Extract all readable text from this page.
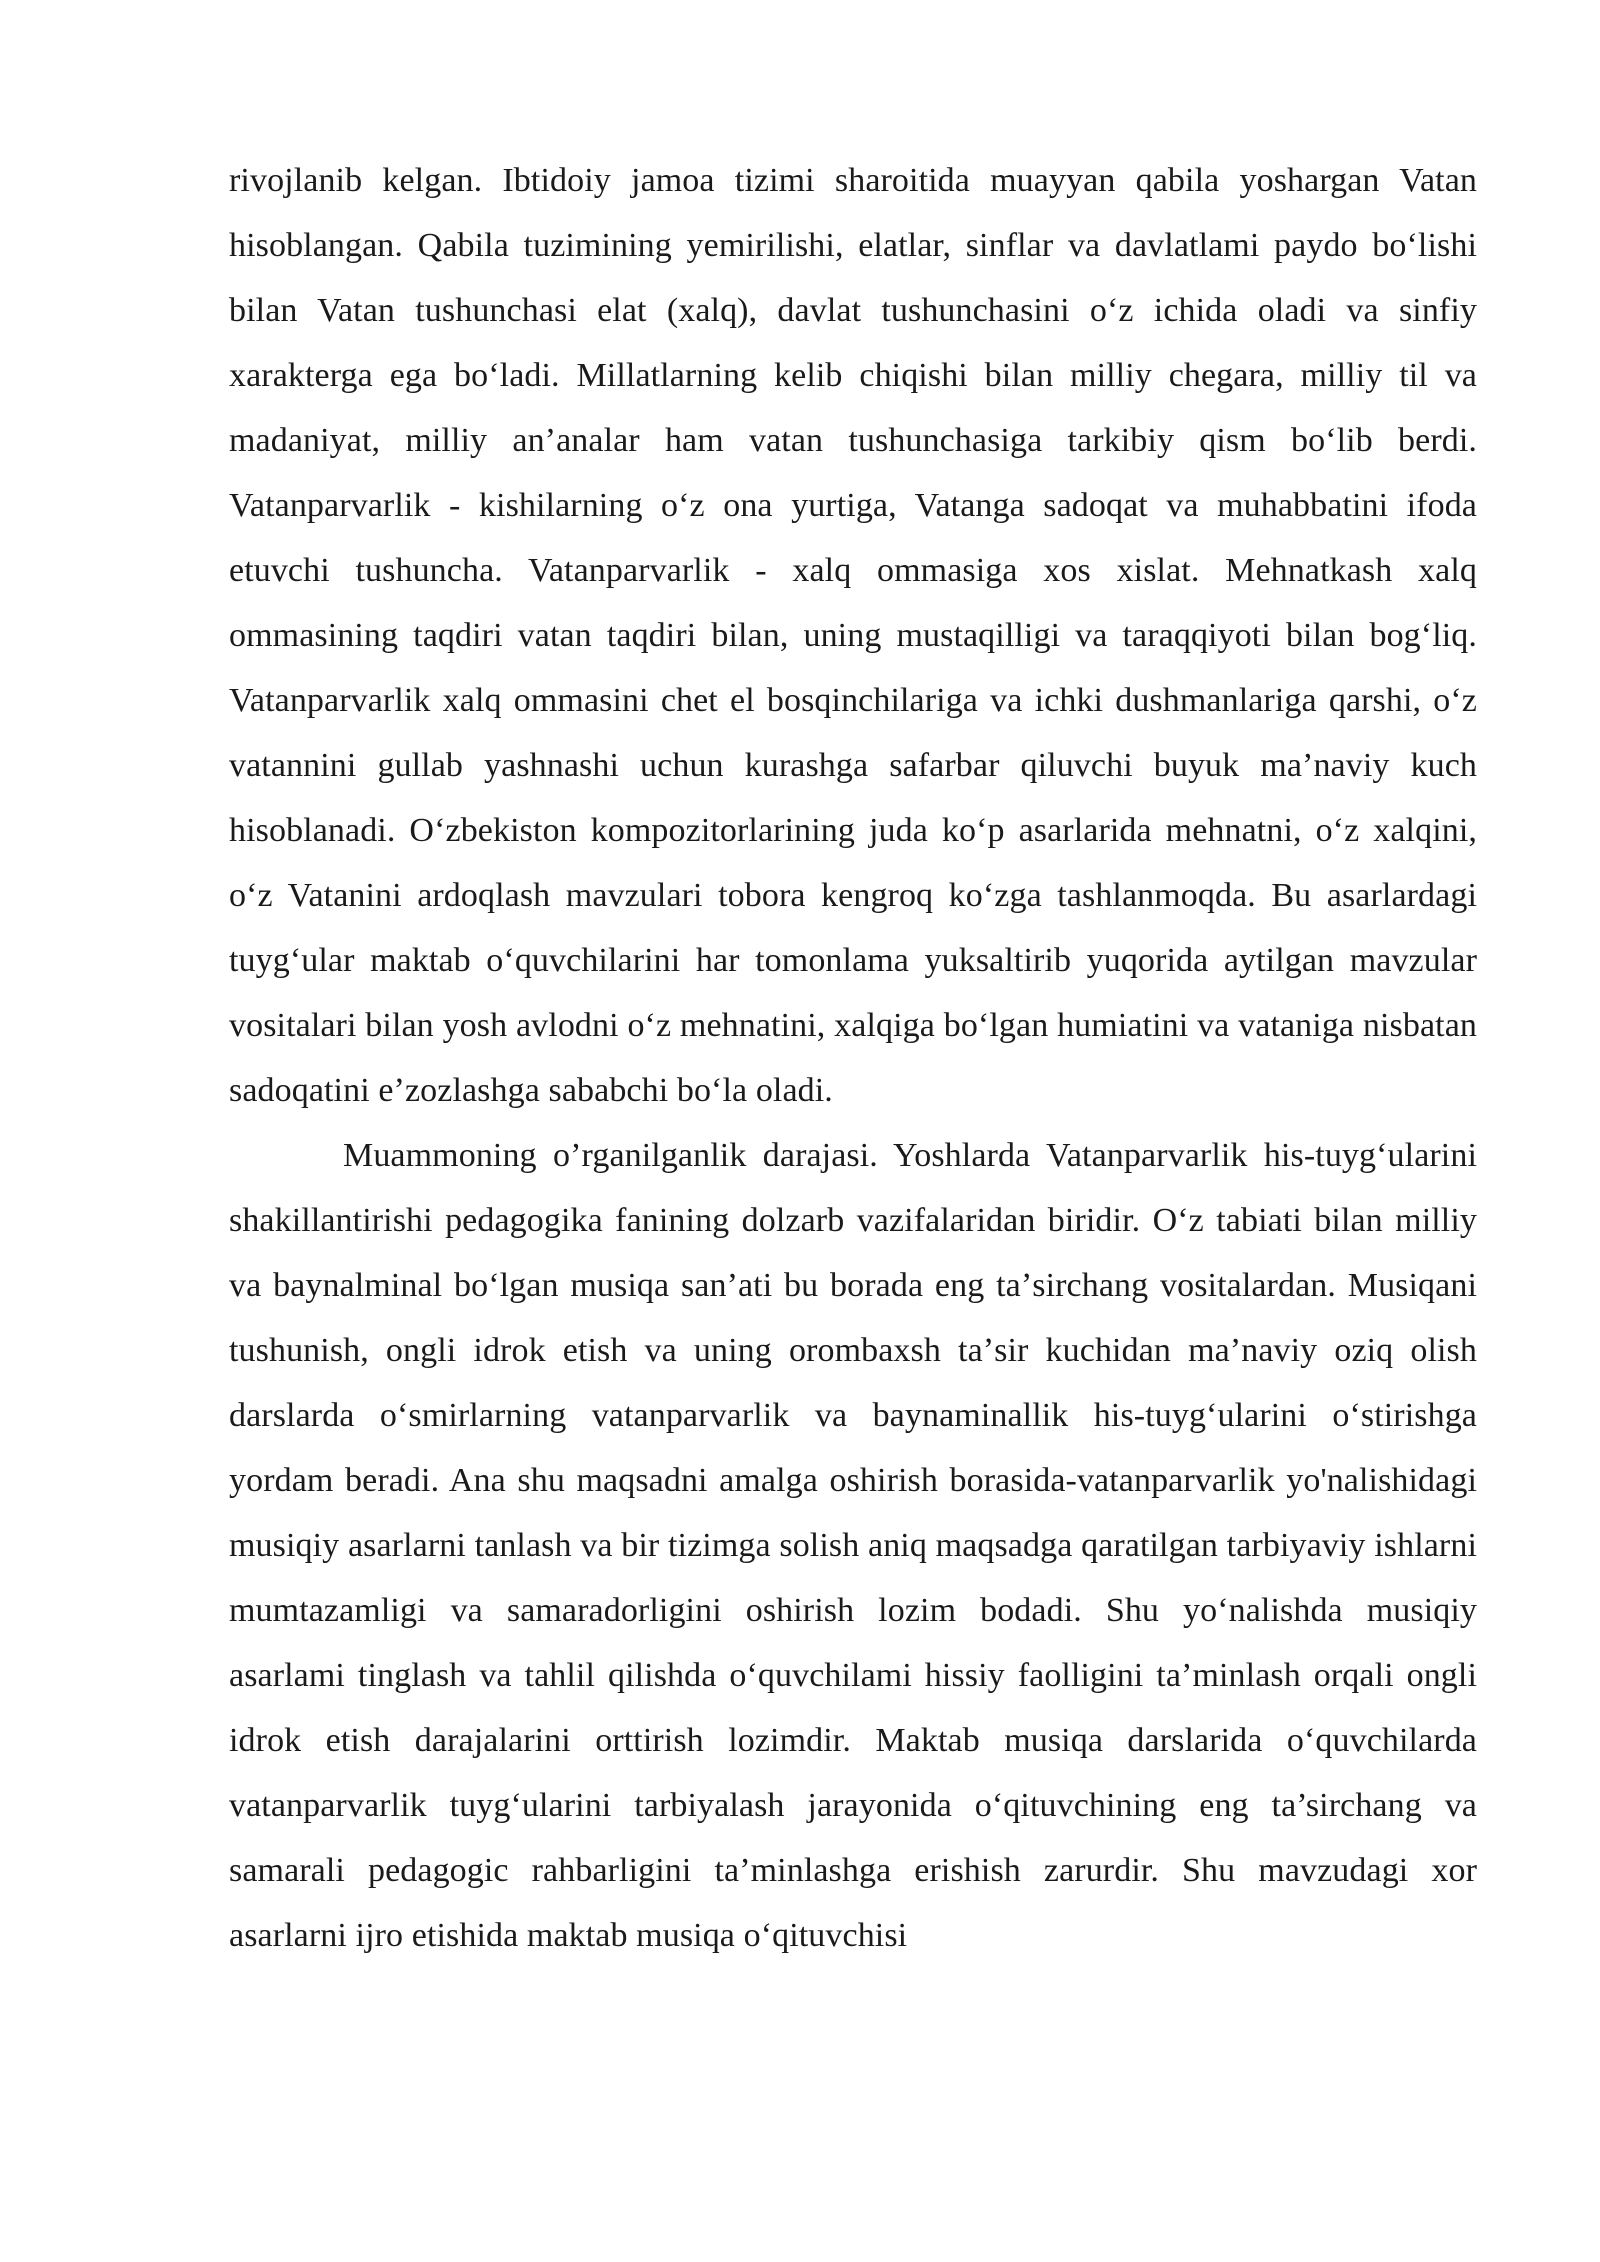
rivojlanib kelgan. Ibtidoiy jamoa tizimi sharoitida muayyan qabila yoshargan Vatan hisoblangan. Qabila tuzimining yemirilishi, elatlar, sinflar va davlatlami paydo bo‘lishi bilan Vatan tushunchasi elat (xalq), davlat tushunchasini o‘z ichida oladi va sinfiy xarakterga ega bo‘ladi. Millatlarning kelib chiqishi bilan milliy chegara, milliy til va madaniyat, milliy an’analar ham vatan tushunchasiga tarkibiy qism bo‘lib berdi. Vatanparvarlik - kishilarning o‘z ona yurtiga, Vatanga sadoqat va muhabbatini ifoda etuvchi tushuncha. Vatanparvarlik - xalq ommasiga xos xislat. Mehnatkash xalq ommasining taqdiri vatan taqdiri bilan, uning mustaqilligi va taraqqiyoti bilan bog‘liq. Vatanparvarlik xalq ommasini chet el bosqinchilariga va ichki dushmanlariga qarshi, o‘z vatannini gullab yashnashi uchun kurashga safarbar qiluvchi buyuk ma’naviy kuch hisoblanadi. O‘zbekiston kompozitorlarining juda ko‘p asarlarida mehnatni, o‘z xalqini, o‘z Vatanini ardoqlash mavzulari tobora kengroq ko‘zga tashlanmoqda. Bu asarlardagi tuyg‘ular maktab o‘quvchilarini har tomonlama yuksaltirib yuqorida aytilgan mavzular vositalari bilan yosh avlodni o‘z mehnatini, xalqiga bo‘lgan humiatini va vataniga nisbatan sadoqatini eʼzozlashga sababchi bo‘la oladi.

Muammoning o’rganilganlik darajasi. Yoshlarda Vatanparvarlik his-tuyg‘ularini shakillantirishi pedagogika fanining dolzarb vazifalaridan biridir. O‘z tabiati bilan milliy va baynalminal bo‘lgan musiqa san’ati bu borada eng taʼsirchang vositalardan. Musiqani tushunish, ongli idrok etish va uning orombaxsh taʼsir kuchidan ma’naviy oziq olish darslarda o‘smirlarning vatanparvarlik va baynaminallik his-tuyg‘ularini o‘stirishga yordam beradi. Ana shu maqsadni amalga oshirish borasida-vatanparvarlik yo'nalishidagi musiqiy asarlarni tanlash va bir tizimga solish aniq maqsadga qaratilgan tarbiyaviy ishlarni mumtazamligi va samaradorligini oshirish lozim bodadi. Shu yo‘nalishda musiqiy asarlami tinglash va tahlil qilishda o‘quvchilami hissiy faolligini ta’minlash orqali ongli idrok etish darajalarini orttirish lozimdir. Maktab musiqa darslarida o‘quvchilarda vatanparvarlik tuyg‘ularini tarbiyalash jarayonida o‘qituvchining eng ta’sirchang va samarali pedagogic rahbarligini ta’minlashga erishish zarurdir. Shu mavzudagi xor asarlarni ijro etishida maktab musiqa o‘qituvchisi
